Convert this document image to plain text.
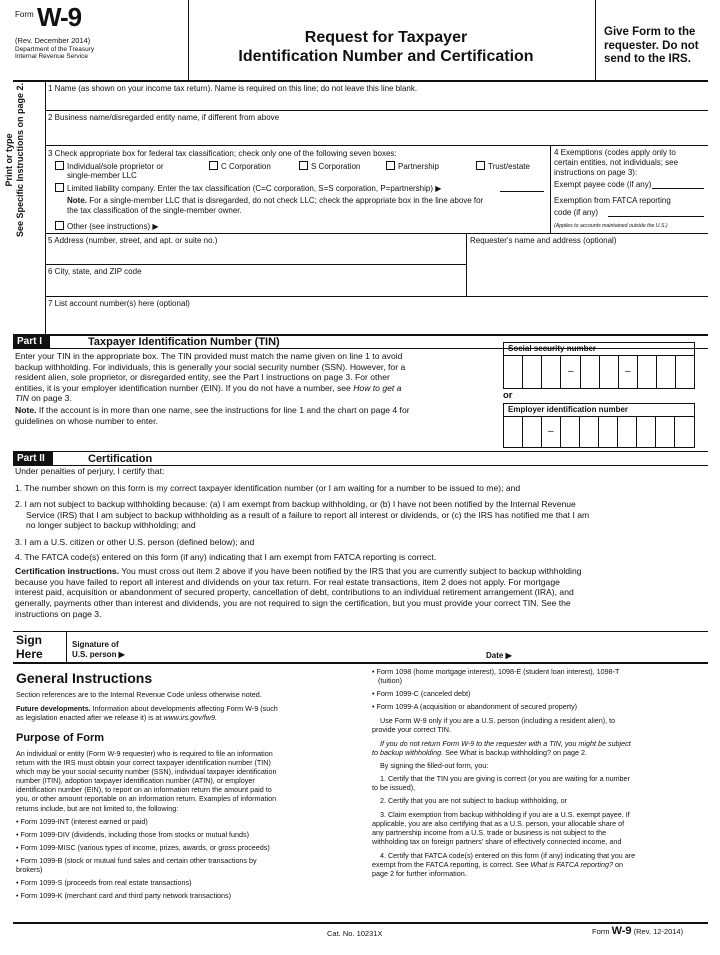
Form W-9
(Rev. December 2014)
Department of the Treasury
Internal Revenue Service
Request for Taxpayer
Identification Number and Certification
Give Form to the
requester. Do not
send to the IRS.
Print or type See Specific Instructions on page 2.	1 Name (as shown on your income tax return). Name is required on this line; do not leave this line blank.
2 Business name/disregarded entity name, if different from above
3 Check appropriate box for federal tax classification; check only one of the following seven boxes:
Individual/sole proprietor or
single-member LLC
C Corporation	S Corporation	Partnership	Trust/estate
Limited liability company. Enter the tax classification (C=C corporation, S=S corporation, P=partnership) ▶
Note. For a single-member LLC that is disregarded, do not check LLC; check the appropriate box in the line above for
the tax classification of the single-member owner.
Other (see instructions) ▶
4 Exemptions (codes apply only to
certain entities, not individuals; see
instructions on page 3):
Exempt payee code (if any)
Exemption from FATCA reporting
code (if any)
(Applies to accounts maintained outside the U.S.)
5 Address (number, street, and apt. or suite no.)	Requester's name and address (optional)
6 City, state, and ZIP code
7 List account number(s) here (optional)
Part I	Taxpayer Identification Number (TIN)
Enter your TIN in the appropriate box. The TIN provided must match the name given on line 1 to avoid
backup withholding. For individuals, this is generally your social security number (SSN). However, for a
resident alien, sole proprietor, or disregarded entity, see the Part I instructions on page 3. For other
entities, it is your employer identification number (EIN). If you do not have a number, see How to get a
TIN on page 3.
Note. If the account is in more than one name, see the instructions for line 1 and the chart on page 4 for
guidelines on whose number to enter.
Social security number
–	–
or
Employer identification number
–
Part II	Certification
Under penalties of perjury, I certify that:
1. The number shown on this form is my correct taxpayer identification number (or I am waiting for a number to be issued to me); and
2. I am not subject to backup withholding because: (a) I am exempt from backup withholding, or (b) I have not been notified by the Internal Revenue
Service (IRS) that I am subject to backup withholding as a result of a failure to report all interest or dividends, or (c) the IRS has notified me that I am
no longer subject to backup withholding; and
3. I am a U.S. citizen or other U.S. person (defined below); and
4. The FATCA code(s) entered on this form (if any) indicating that I am exempt from FATCA reporting is correct.
Certification instructions. You must cross out item 2 above if you have been notified by the IRS that you are currently subject to backup withholding
because you have failed to report all interest and dividends on your tax return. For real estate transactions, item 2 does not apply. For mortgage
interest paid, acquisition or abandonment of secured property, cancellation of debt, contributions to an individual retirement arrangement (IRA), and
generally, payments other than interest and dividends, you are not required to sign the certification, but you must provide your correct TIN. See the
instructions on page 3.
Sign
Here
Signature of
U.S. person ▶	Date ▶
General Instructions
Section references are to the Internal Revenue Code unless otherwise noted.
Future developments. Information about developments affecting Form W-9 (such
as legislation enacted after we release it) is at www.irs.gov/fw9.
Purpose of Form
An individual or entity (Form W-9 requester) who is required to file an information
return with the IRS must obtain your correct taxpayer identification number (TIN)
which may be your social security number (SSN), individual taxpayer identification
number (ITIN), adoption taxpayer identification number (ATIN), or employer
identification number (EIN), to report on an information return the amount paid to
you, or other amount reportable on an information return. Examples of information
returns include, but are not limited to, the following:
• Form 1099-INT (interest earned or paid)
• Form 1099-DIV (dividends, including those from stocks or mutual funds)
• Form 1099-MISC (various types of income, prizes, awards, or gross proceeds)
• Form 1099-B (stock or mutual fund sales and certain other transactions by
brokers)
• Form 1099-S (proceeds from real estate transactions)
• Form 1099-K (merchant card and third party network transactions)
• Form 1098 (home mortgage interest), 1098-E (student loan interest), 1098-T
(tuition)
• Form 1099-C (canceled debt)
• Form 1099-A (acquisition or abandonment of secured property)
Use Form W-9 only if you are a U.S. person (including a resident alien), to
provide your correct TIN.
If you do not return Form W-9 to the requester with a TIN, you might be subject
to backup withholding. See What is backup withholding? on page 2.
By signing the filled-out form, you:
1. Certify that the TIN you are giving is correct (or you are waiting for a number
to be issued),
2. Certify that you are not subject to backup withholding, or
3. Claim exemption from backup withholding if you are a U.S. exempt payee. If
applicable, you are also certifying that as a U.S. person, your allocable share of
any partnership income from a U.S. trade or business is not subject to the
withholding tax on foreign partners' share of effectively connected income, and
4. Certify that FATCA code(s) entered on this form (if any) indicating that you are
exempt from the FATCA reporting, is correct. See What is FATCA reporting? on
page 2 for further information.
Cat. No. 10231X	Form W-9 (Rev. 12-2014)
